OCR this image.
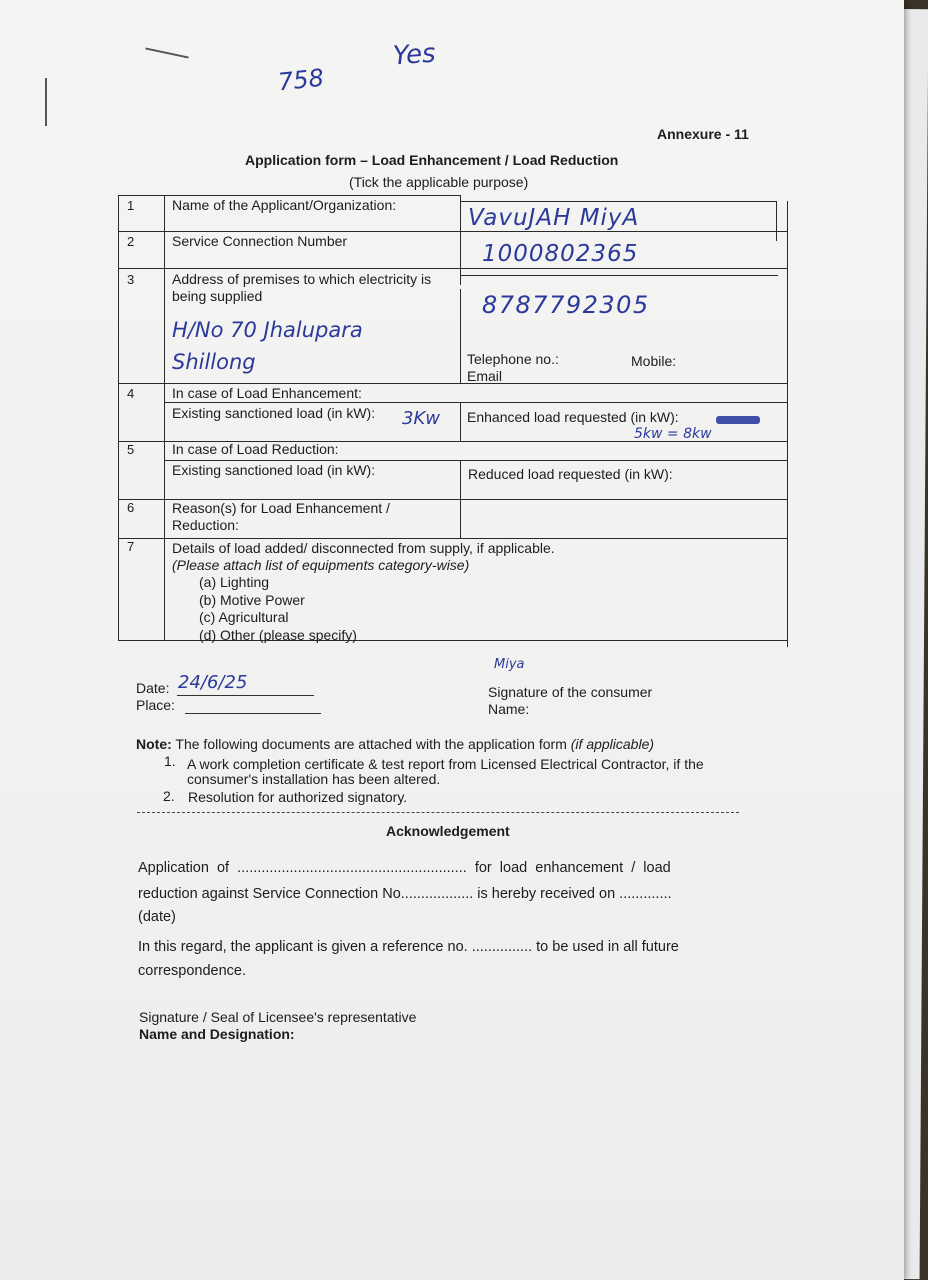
758
Yes
Annexure - 11
Application form – Load Enhancement / Load Reduction
(Tick the applicable purpose)
1	Name of the Applicant/Organization:	VavuJAH MiyA
2	Service Connection Number	1000802365
3	Address of premises to which electricity is being supplied
H/No 70 Jhalupara
Shillong
8787792305
Telephone no.:	Mobile:
Email
4	In case of Load Enhancement:
Existing sanctioned load (in kW): 3Kw Enhanced load requested (in kW):
5kw = 8kw
5	In case of Load Reduction:
Existing sanctioned load (in kW):	Reduced load requested (in kW):
6	Reason(s) for Load Enhancement / Reduction:
7	Details of load added/ disconnected from supply, if applicable.
(Please attach list of equipments category-wise)
(a) Lighting
(b) Motive Power
(c) Agricultural
(d) Other (please specify)
Date: 24/6/25
Place:
Miya
Signature of the consumer
Name:
Note: The following documents are attached with the application form (if applicable)
1. A work completion certificate & test report from Licensed Electrical Contractor, if the
consumer's installation has been altered.
2. Resolution for authorized signatory.
Acknowledgement
Application  of  .........................................................  for  load  enhancement  /  load
reduction against Service Connection No.................. is hereby received on .............
(date)
In this regard, the applicant is given a reference no. ............... to be used in all future
correspondence.
Signature / Seal of Licensee's representative
Name and Designation:
